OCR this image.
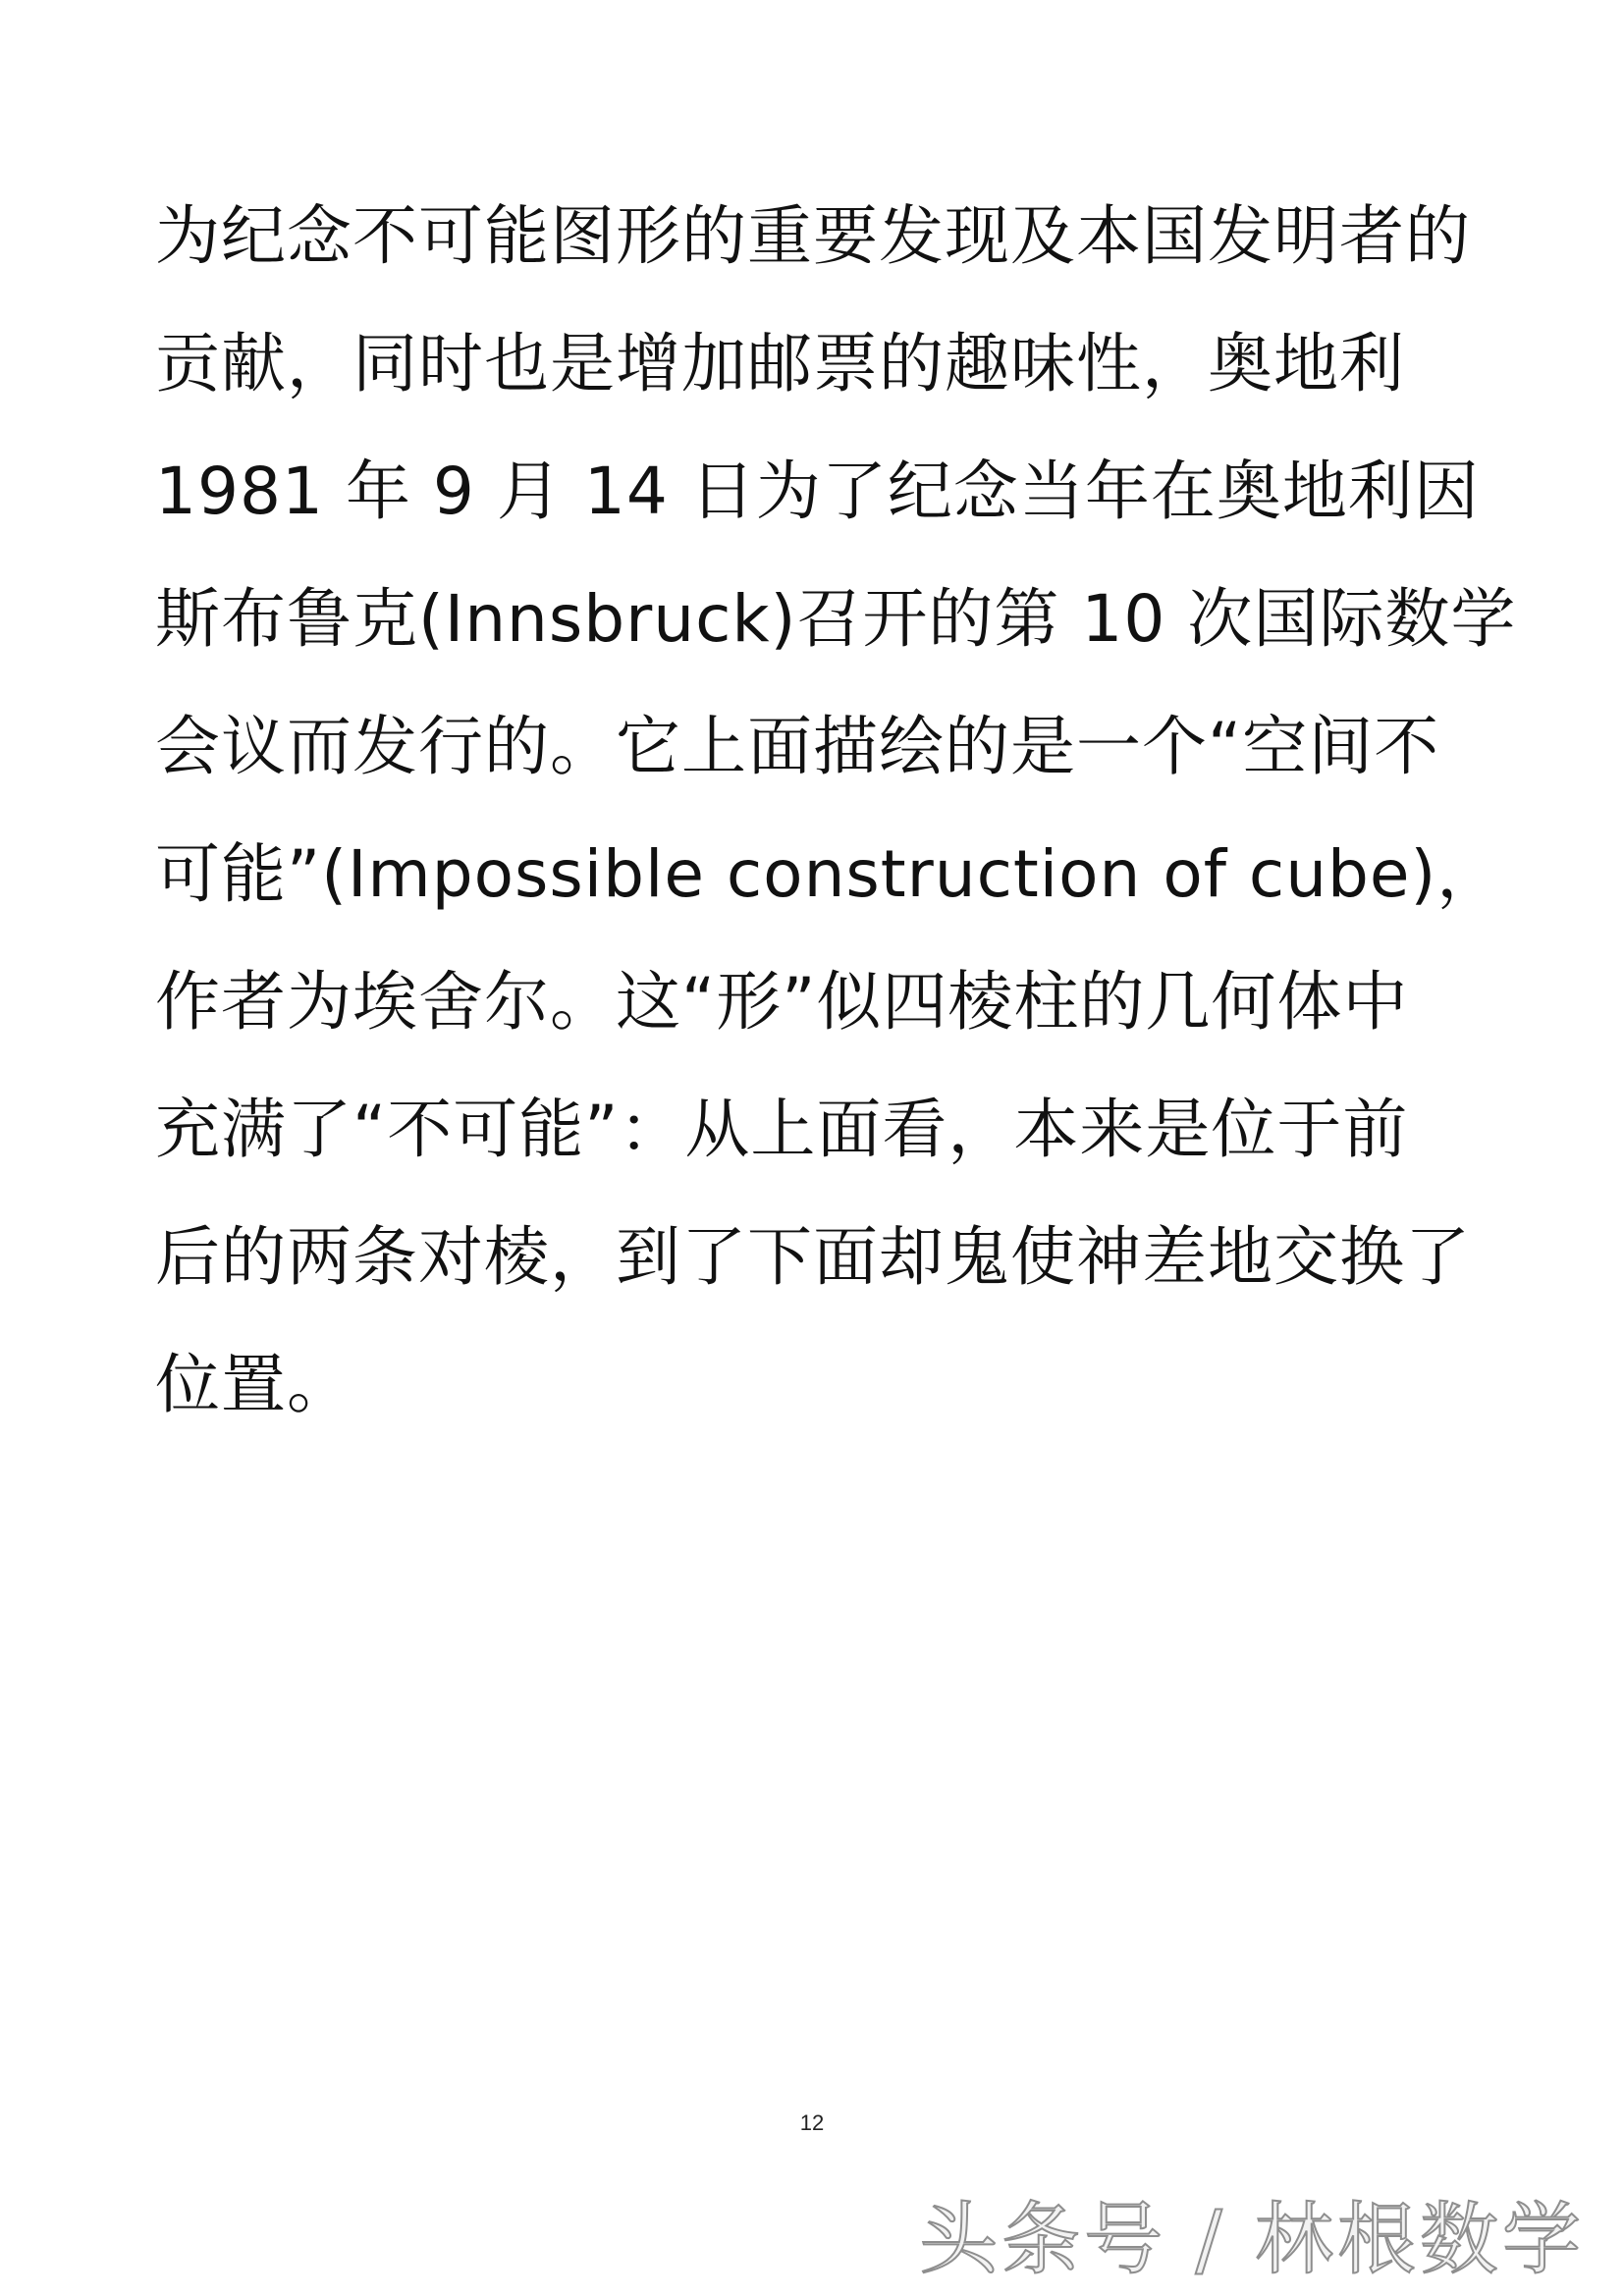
为纪念不可能图形的重要发现及本国发明者的
贡献，同时也是增加邮票的趣味性，奥地利
1981 年 9 月 14 日为了纪念当年在奥地利因
斯布鲁克(Innsbruck)召开的第 10 次国际数学
会议而发行的。它上面描绘的是一个“空间不
可能”(Impossible construction of cube)，
作者为埃舍尔。这“形”似四棱柱的几何体中
充满了“不可能”：从上面看，本来是位于前
后的两条对棱，到了下面却鬼使神差地交换了
位置。
12
头条号 / 林根数学
